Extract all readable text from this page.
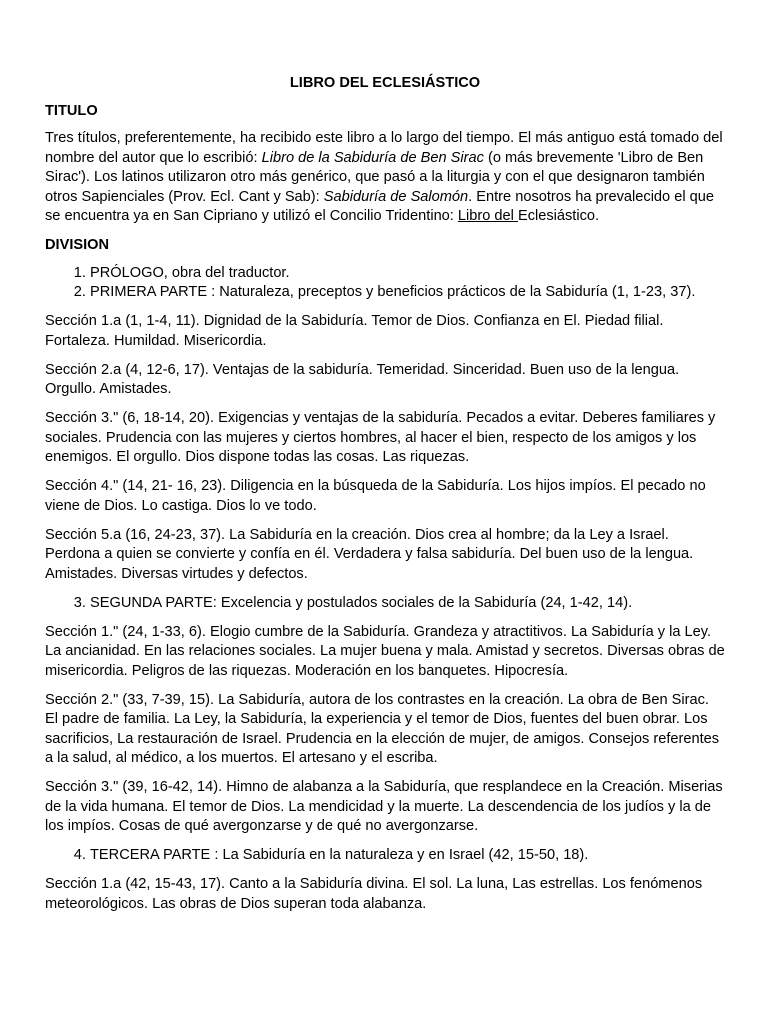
LIBRO DEL ECLESIÁSTICO
TITULO

Tres títulos, preferentemente, ha recibido este libro a lo largo del tiempo. El más antiguo está tomado del nombre del autor que lo escribió: Libro de la Sabiduría de Ben Sirac (o más brevemente 'Libro de Ben Sirac'). Los latinos utilizaron otro más genérico, que pasó a la liturgia y con el que designaron también otros Sapienciales (Prov. Ecl. Cant y Sab): Sabiduría de Salomón. Entre nosotros ha prevalecido el que se encuentra ya en San Cipriano y utilizó el Concilio Tridentino: Libro del Eclesiástico.

DIVISION
1. PRÓLOGO, obra del traductor.
2. PRIMERA PARTE : Naturaleza, preceptos y beneficios prácticos de la Sabiduría (1, 1-23, 37).

Sección 1.a (1, 1-4, 11). Dignidad de la Sabiduría. Temor de Dios. Confianza en El. Piedad filial. Fortaleza. Humildad. Misericordia.

Sección 2.a (4, 12-6, 17). Ventajas de la sabiduría. Temeridad. Sinceridad. Buen uso de la lengua. Orgullo. Amistades.

Sección 3." (6, 18-14, 20). Exigencias y ventajas de la sabiduría. Pecados a evitar. Deberes familiares y sociales. Prudencia con las mujeres y ciertos hombres, al hacer el bien, respecto de los amigos y los enemigos. El orgullo. Dios dispone todas las cosas. Las riquezas.

Sección 4." (14, 21- 16, 23). Diligencia en la búsqueda de la Sabiduría. Los hijos impíos. El pecado no viene de Dios. Lo castiga. Dios lo ve todo.

Sección 5.a (16, 24-23, 37). La Sabiduría en la creación. Dios crea al hombre; da la Ley a Israel. Perdona a quien se convierte y confía en él. Verdadera y falsa sabiduría. Del buen uso de la lengua. Amistades. Diversas virtudes y defectos.

3. SEGUNDA PARTE: Excelencia y postulados sociales de la Sabiduría (24, 1-42, 14).

Sección 1." (24, 1-33, 6). Elogio cumbre de la Sabiduría. Grandeza y atractitivos. La Sabiduría y la Ley. La ancianidad. En las relaciones sociales. La mujer buena y mala. Amistad y secretos. Diversas obras de misericordia. Peligros de las riquezas. Moderación en los banquetes. Hipocresía.

Sección 2." (33, 7-39, 15). La Sabiduría, autora de los contrastes en la creación. La obra de Ben Sirac. El padre de familia. La Ley, la Sabiduría, la experiencia y el temor de Dios, fuentes del buen obrar. Los sacrificios, La restauración de Israel. Prudencia en la elección de mujer, de amigos. Consejos referentes a la salud, al médico, a los muertos. El artesano y el escriba.

Sección 3." (39, 16-42, 14). Himno de alabanza a la Sabiduría, que resplandece en la Creación. Miserias de la vida humana. El temor de Dios. La mendicidad y la muerte. La descendencia de los judíos y la de los impíos. Cosas de qué avergonzarse y de qué no avergonzarse.

4. TERCERA PARTE : La Sabiduría en la naturaleza y en Israel (42, 15-50, 18).

Sección 1.a (42, 15-43, 17). Canto a la Sabiduría divina. El sol. La luna, Las estrellas. Los fenómenos meteorológicos. Las obras de Dios superan toda alabanza.
